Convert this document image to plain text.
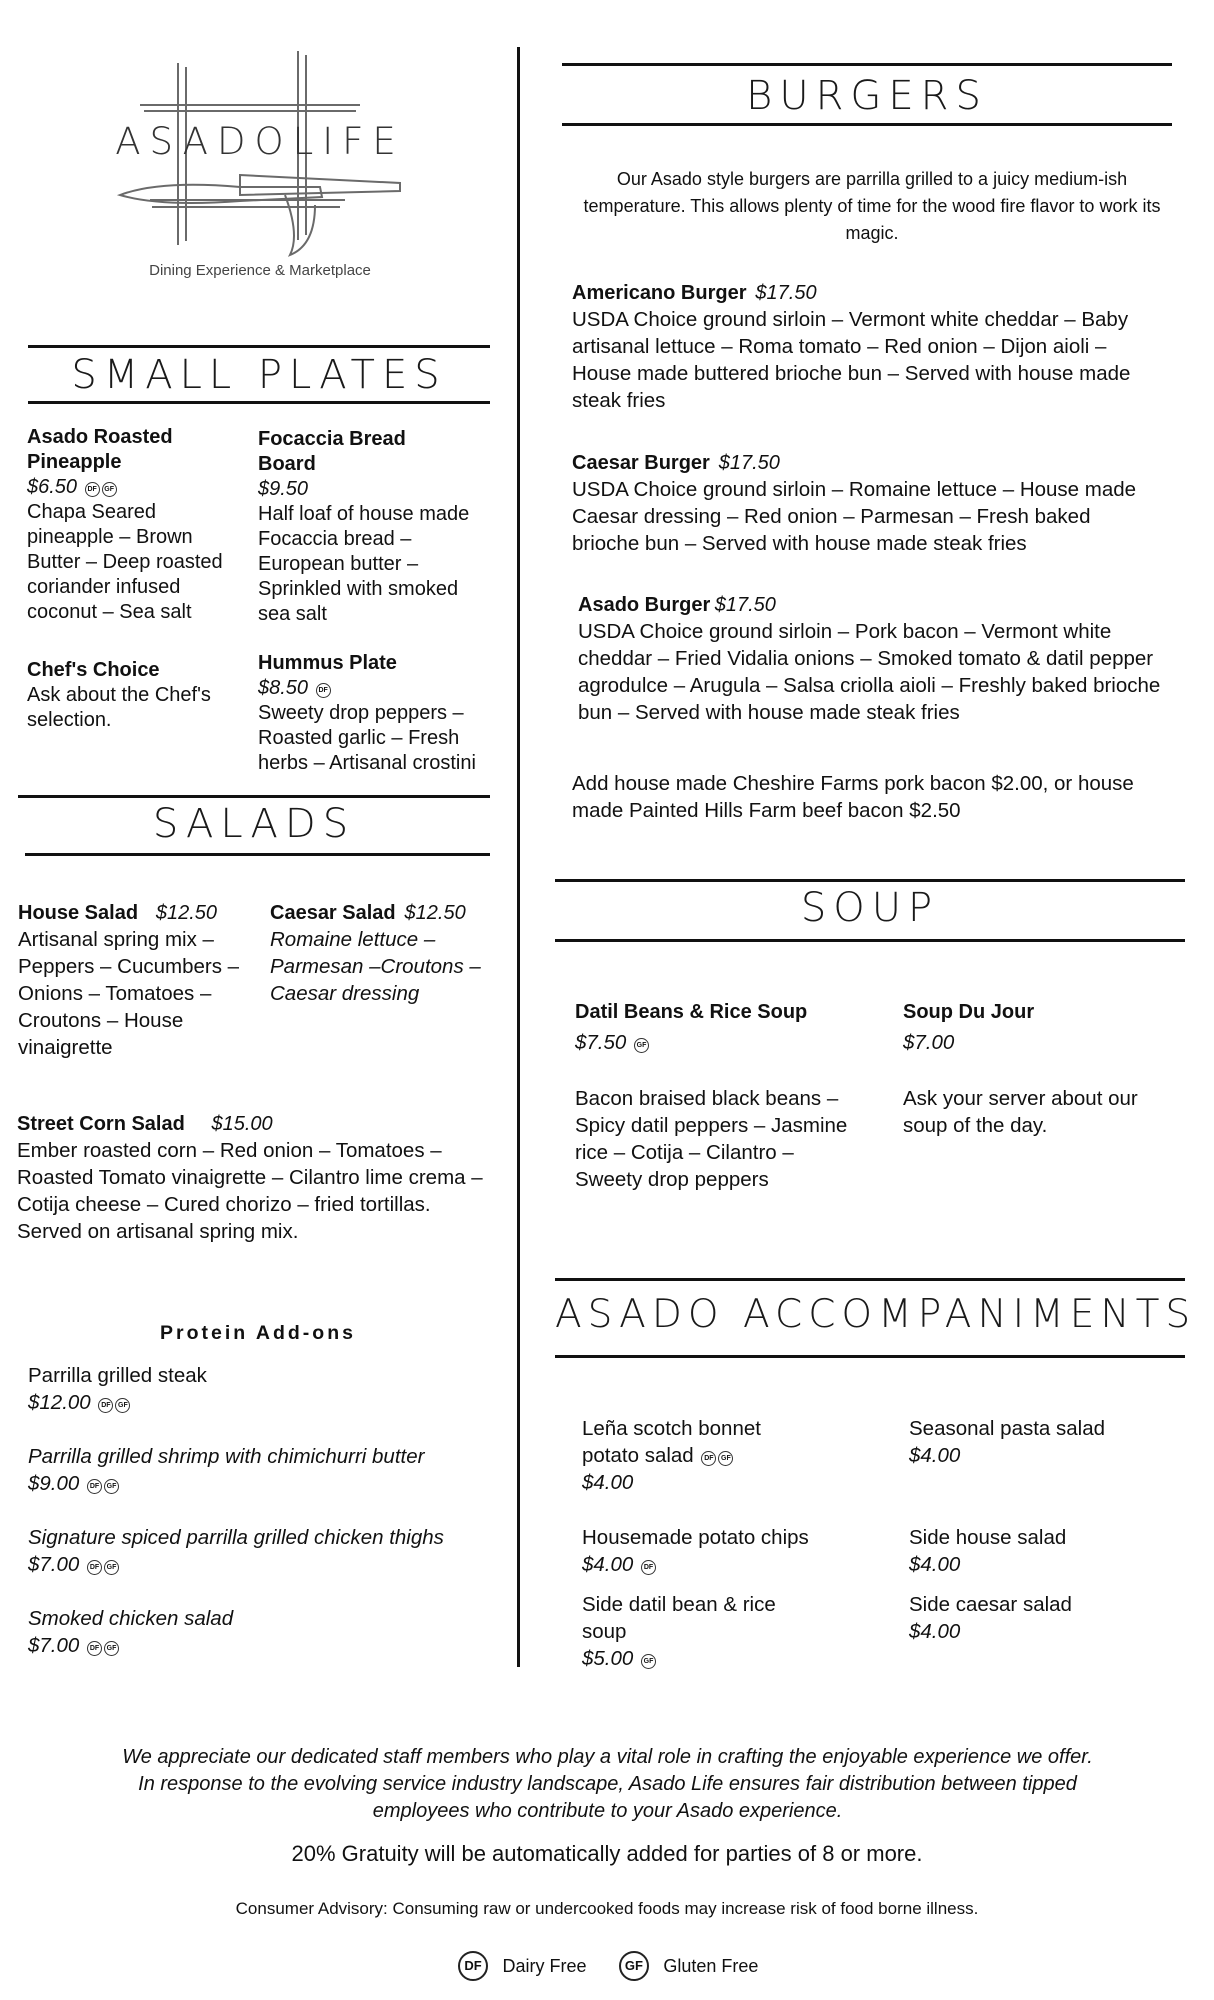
ASADOLIFE
Dining Experience & Marketplace
SMALL PLATES
Asado Roasted Pineapple
$6.50 DF GF
Chapa Seared pineapple – Brown Butter – Deep roasted coriander infused coconut – Sea salt
Focaccia Bread Board
$9.50
Half loaf of house made Focaccia bread – European butter – Sprinkled with smoked sea salt
Chef's Choice
Ask about the Chef's selection.
Hummus Plate
$8.50 DF
Sweety drop peppers – Roasted garlic – Fresh herbs – Artisanal crostini
SALADS
House Salad $12.50
Artisanal spring mix – Peppers – Cucumbers – Onions – Tomatoes – Croutons – House vinaigrette
Caesar Salad $12.50
Romaine lettuce – Parmesan –Croutons – Caesar dressing
Street Corn Salad $15.00
Ember roasted corn – Red onion – Tomatoes – Roasted Tomato vinaigrette – Cilantro lime crema – Cotija cheese – Cured chorizo – fried tortillas. Served on artisanal spring mix.
Protein Add-ons
Parrilla grilled steak
$12.00 DF GF
Parrilla grilled shrimp with chimichurri butter
$9.00 DF GF
Signature spiced parrilla grilled chicken thighs
$7.00 DF GF
Smoked chicken salad
$7.00 DF GF
BURGERS
Our Asado style burgers are parrilla grilled to a juicy medium-ish temperature. This allows plenty of time for the wood fire flavor to work its magic.
Americano Burger $17.50
USDA Choice ground sirloin – Vermont white cheddar – Baby artisanal lettuce – Roma tomato – Red onion – Dijon aioli – House made buttered brioche bun – Served with house made steak fries
Caesar Burger $17.50
USDA Choice ground sirloin – Romaine lettuce – House made Caesar dressing – Red onion – Parmesan – Fresh baked brioche bun – Served with house made steak fries
Asado Burger $17.50
USDA Choice ground sirloin – Pork bacon – Vermont white cheddar – Fried Vidalia onions – Smoked tomato & datil pepper agrodulce – Arugula – Salsa criolla aioli – Freshly baked brioche bun – Served with house made steak fries
Add house made Cheshire Farms pork bacon $2.00, or house made Painted Hills Farm beef bacon $2.50
SOUP
Datil Beans & Rice Soup
$7.50 GF
Bacon braised black beans – Spicy datil peppers – Jasmine rice – Cotija – Cilantro – Sweety drop peppers
Soup Du Jour
$7.00
Ask your server about our soup of the day.
ASADO ACCOMPANIMENTS
Leña scotch bonnet
potato salad DF GF
$4.00
Seasonal pasta salad
$4.00
Housemade potato chips
$4.00 DF
Side house salad
$4.00
Side datil bean & rice soup
$5.00 GF
Side caesar salad
$4.00
We appreciate our dedicated staff members who play a vital role in crafting the enjoyable experience we offer. In response to the evolving service industry landscape, Asado Life ensures fair distribution between tipped employees who contribute to your Asado experience.
20% Gratuity will be automatically added for parties of 8 or more.
Consumer Advisory: Consuming raw or undercooked foods may increase risk of food borne illness.
DF Dairy Free	GF Gluten Free
